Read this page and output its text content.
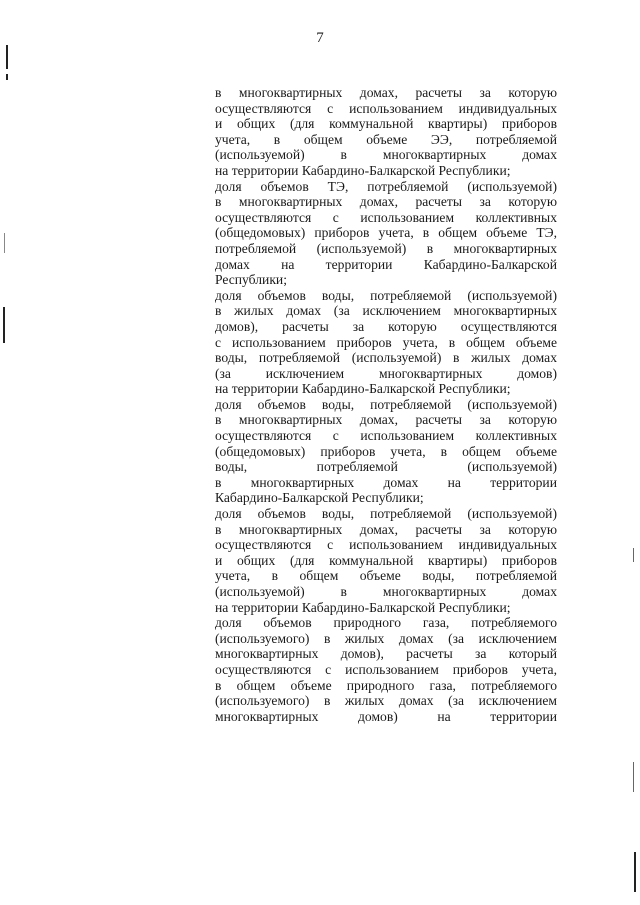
7
в многоквартирных домах, расчеты за которую
осуществляются с использованием индивидуальных
и общих (для коммунальной квартиры) приборов
учета, в общем объеме ЭЭ, потребляемой
(используемой) в многоквартирных домах
на территории Кабардино-Балкарской Республики;
доля объемов ТЭ, потребляемой (используемой)
в многоквартирных домах, расчеты за которую
осуществляются с использованием коллективных
(общедомовых) приборов учета, в общем объеме ТЭ,
потребляемой (используемой) в многоквартирных
домах на территории Кабардино-Балкарской
Республики;
доля объемов воды, потребляемой (используемой)
в жилых домах (за исключением многоквартирных
домов), расчеты за которую осуществляются
с использованием приборов учета, в общем объеме
воды, потребляемой (используемой) в жилых домах
(за исключением многоквартирных домов)
на территории Кабардино-Балкарской Республики;
доля объемов воды, потребляемой (используемой)
в многоквартирных домах, расчеты за которую
осуществляются с использованием коллективных
(общедомовых) приборов учета, в общем объеме
воды, потребляемой (используемой)
в многоквартирных домах на территории
Кабардино-Балкарской Республики;
доля объемов воды, потребляемой (используемой)
в многоквартирных домах, расчеты за которую
осуществляются с использованием индивидуальных
и общих (для коммунальной квартиры) приборов
учета, в общем объеме воды, потребляемой
(используемой) в многоквартирных домах
на территории Кабардино-Балкарской Республики;
доля объемов природного газа, потребляемого
(используемого) в жилых домах (за исключением
многоквартирных домов), расчеты за который
осуществляются с использованием приборов учета,
в общем объеме природного газа, потребляемого
(используемого) в жилых домах (за исключением
многоквартирных домов) на территории
